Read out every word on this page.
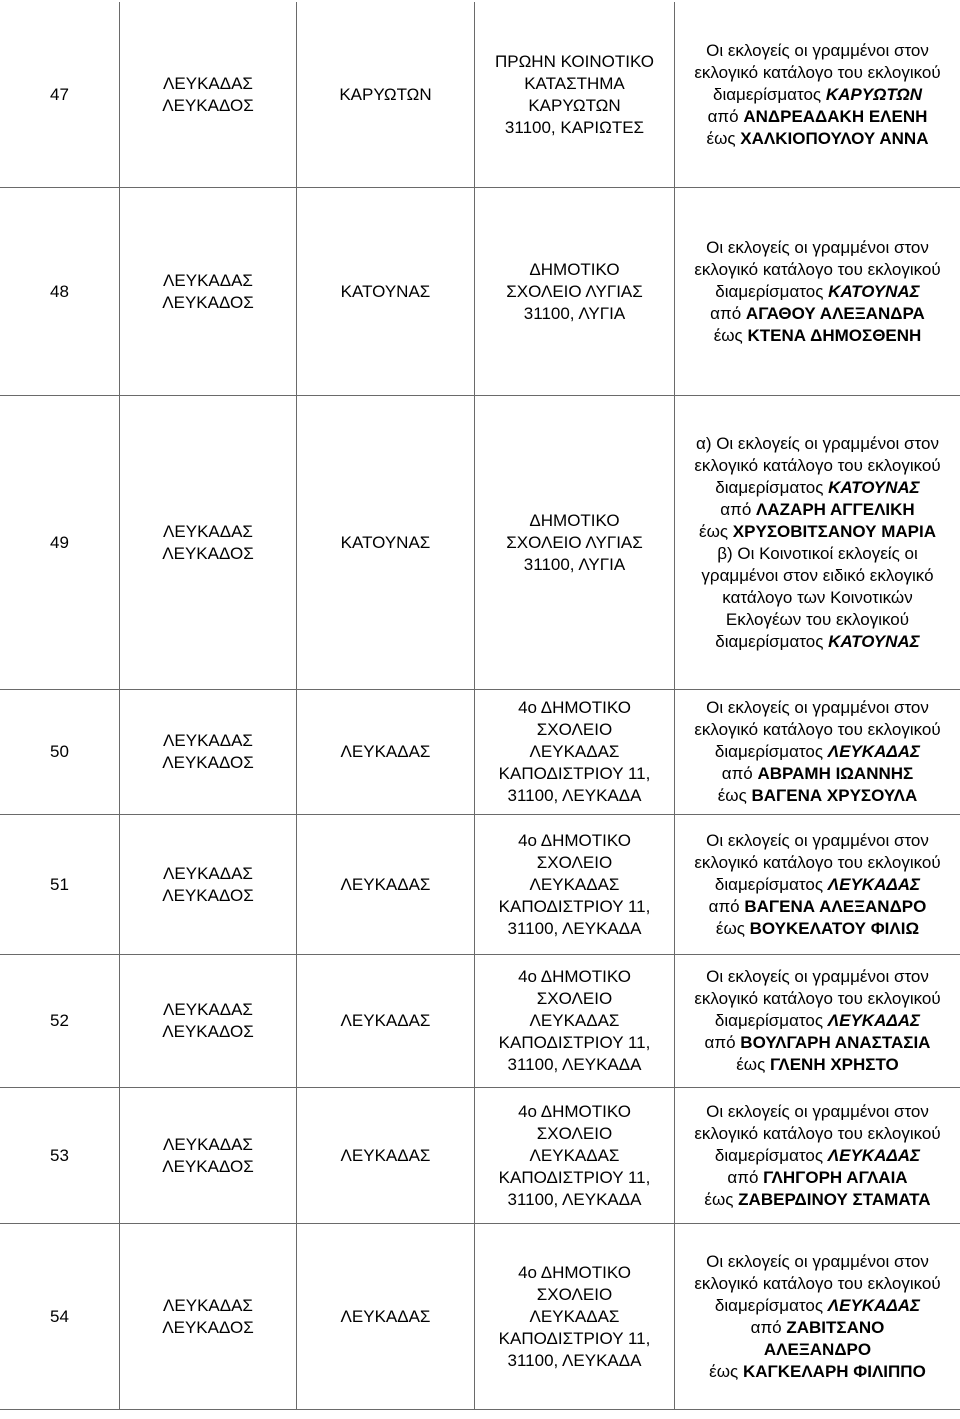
47
ΛΕΥΚΑΔΑΣ
ΛΕΥΚΑΔΟΣ
ΚΑΡΥΩΤΩΝ
ΠΡΩΗΝ ΚΟΙΝΟΤΙΚΟ
ΚΑΤΑΣΤΗΜΑ
ΚΑΡΥΩΤΩΝ
31100, ΚΑΡΙΩΤΕΣ
Οι εκλογείς οι γραμμένοι στον
εκλογικό κατάλογο του εκλογικού
διαμερίσματος ΚΑΡΥΩΤΩΝ
από ΑΝΔΡΕΑΔΑΚΗ ΕΛΕΝΗ
έως ΧΑΛΚΙΟΠΟΥΛΟΥ ΑΝΝΑ
48
ΛΕΥΚΑΔΑΣ
ΛΕΥΚΑΔΟΣ
ΚΑΤΟΥΝΑΣ
ΔΗΜΟΤΙΚΟ
ΣΧΟΛΕΙΟ ΛΥΓΙΑΣ
31100, ΛΥΓΙΑ
Οι εκλογείς οι γραμμένοι στον
εκλογικό κατάλογο του εκλογικού
διαμερίσματος ΚΑΤΟΥΝΑΣ
από ΑΓΑΘΟΥ ΑΛΕΞΑΝΔΡΑ
έως ΚΤΕΝΑ ΔΗΜΟΣΘΕΝΗ
49
ΛΕΥΚΑΔΑΣ
ΛΕΥΚΑΔΟΣ
ΚΑΤΟΥΝΑΣ
ΔΗΜΟΤΙΚΟ
ΣΧΟΛΕΙΟ ΛΥΓΙΑΣ
31100, ΛΥΓΙΑ
α) Οι εκλογείς οι γραμμένοι στον
εκλογικό κατάλογο του εκλογικού
διαμερίσματος ΚΑΤΟΥΝΑΣ
από ΛΑΖΑΡΗ ΑΓΓΕΛΙΚΗ
έως ΧΡΥΣΟΒΙΤΣΑΝΟΥ ΜΑΡΙΑ
β) Οι Κοινοτικοί εκλογείς οι
γραμμένοι στον ειδικό εκλογικό
κατάλογο των Κοινοτικών
Εκλογέων του εκλογικού
διαμερίσματος ΚΑΤΟΥΝΑΣ
50
ΛΕΥΚΑΔΑΣ
ΛΕΥΚΑΔΟΣ
ΛΕΥΚΑΔΑΣ
4ο ΔΗΜΟΤΙΚΟ
ΣΧΟΛΕΙΟ
ΛΕΥΚΑΔΑΣ
ΚΑΠΟΔΙΣΤΡΙΟΥ 11,
31100, ΛΕΥΚΑΔΑ
Οι εκλογείς οι γραμμένοι στον
εκλογικό κατάλογο του εκλογικού
διαμερίσματος ΛΕΥΚΑΔΑΣ
από ΑΒΡΑΜΗ ΙΩΑΝΝΗΣ
έως ΒΑΓΕΝΑ ΧΡΥΣΟΥΛΑ
51
ΛΕΥΚΑΔΑΣ
ΛΕΥΚΑΔΟΣ
ΛΕΥΚΑΔΑΣ
4ο ΔΗΜΟΤΙΚΟ
ΣΧΟΛΕΙΟ
ΛΕΥΚΑΔΑΣ
ΚΑΠΟΔΙΣΤΡΙΟΥ 11,
31100, ΛΕΥΚΑΔΑ
Οι εκλογείς οι γραμμένοι στον
εκλογικό κατάλογο του εκλογικού
διαμερίσματος ΛΕΥΚΑΔΑΣ
από ΒΑΓΕΝΑ ΑΛΕΞΑΝΔΡΟ
έως ΒΟΥΚΕΛΑΤΟΥ ΦΙΛΙΩ
52
ΛΕΥΚΑΔΑΣ
ΛΕΥΚΑΔΟΣ
ΛΕΥΚΑΔΑΣ
4ο ΔΗΜΟΤΙΚΟ
ΣΧΟΛΕΙΟ
ΛΕΥΚΑΔΑΣ
ΚΑΠΟΔΙΣΤΡΙΟΥ 11,
31100, ΛΕΥΚΑΔΑ
Οι εκλογείς οι γραμμένοι στον
εκλογικό κατάλογο του εκλογικού
διαμερίσματος ΛΕΥΚΑΔΑΣ
από ΒΟΥΛΓΑΡΗ ΑΝΑΣΤΑΣΙΑ
έως ΓΛΕΝΗ ΧΡΗΣΤΟ
53
ΛΕΥΚΑΔΑΣ
ΛΕΥΚΑΔΟΣ
ΛΕΥΚΑΔΑΣ
4ο ΔΗΜΟΤΙΚΟ
ΣΧΟΛΕΙΟ
ΛΕΥΚΑΔΑΣ
ΚΑΠΟΔΙΣΤΡΙΟΥ 11,
31100, ΛΕΥΚΑΔΑ
Οι εκλογείς οι γραμμένοι στον
εκλογικό κατάλογο του εκλογικού
διαμερίσματος ΛΕΥΚΑΔΑΣ
από ΓΛΗΓΟΡΗ ΑΓΛΑΙΑ
έως ΖΑΒΕΡΔΙΝΟΥ ΣΤΑΜΑΤΑ
54
ΛΕΥΚΑΔΑΣ
ΛΕΥΚΑΔΟΣ
ΛΕΥΚΑΔΑΣ
4ο ΔΗΜΟΤΙΚΟ
ΣΧΟΛΕΙΟ
ΛΕΥΚΑΔΑΣ
ΚΑΠΟΔΙΣΤΡΙΟΥ 11,
31100, ΛΕΥΚΑΔΑ
Οι εκλογείς οι γραμμένοι στον
εκλογικό κατάλογο του εκλογικού
διαμερίσματος ΛΕΥΚΑΔΑΣ
από ΖΑΒΙΤΣΑΝΟ
ΑΛΕΞΑΝΔΡΟ
έως ΚΑΓΚΕΛΑΡΗ ΦΙΛΙΠΠΟ
